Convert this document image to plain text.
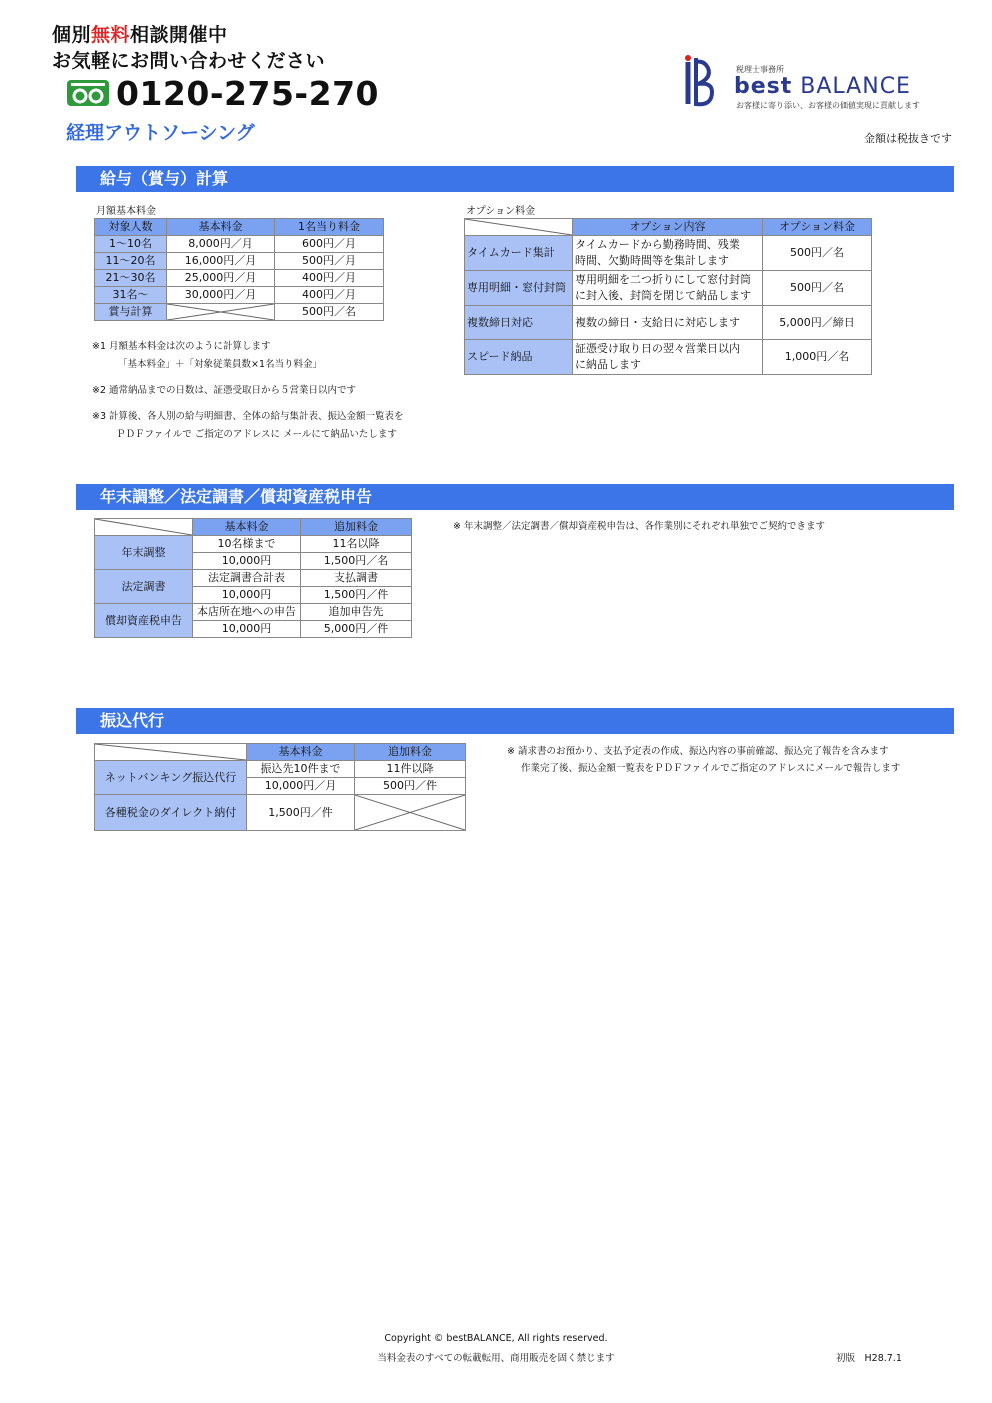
個別無料相談開催中
お気軽にお問い合わせください
0120-275-270
経理アウトソーシング	金額は税抜きです
税理士事務所
best BALANCE
お客様に寄り添い、お客様の価値実現に貢献します
給与（賞与）計算
月額基本料金
対象人数	基本料金	1名当り料金
1～10名	8,000円／月	600円／月
11～20名	16,000円／月	500円／月
21～30名	25,000円／月	400円／月
31名～	30,000円／月	400円／月
賞与計算		500円／名
※1 月額基本料金は次のように計算します
「基本料金」＋「対象従業員数×1名当り料金」
※2 通常納品までの日数は、証憑受取日から５営業日以内です
※3 計算後、各人別の給与明細書、全体の給与集計表、振込金額一覧表を
ＰＤＦファイルで ご指定のアドレスに メールにて納品いたします
オプション料金
	オプション内容	オプション料金
タイムカード集計	タイムカードから勤務時間、残業
時間、欠勤時間等を集計します	500円／名
専用明細・窓付封筒	専用明細を二つ折りにして窓付封筒
に封入後、封筒を閉じて納品します	500円／名
複数締日対応	複数の締日・支給日に対応します	5,000円／締日
スピード納品	証憑受け取り日の翌々営業日以内
に納品します	1,000円／名
年末調整／法定調書／償却資産税申告
	基本料金	追加料金
年末調整	10名様まで	11名以降
	10,000円	1,500円／名
法定調書	法定調書合計表	支払調書
	10,000円	1,500円／件
償却資産税申告	本店所在地への申告	追加申告先
	10,000円	5,000円／件
※ 年末調整／法定調書／償却資産税申告は、各作業別にそれぞれ単独でご契約できます
振込代行
	基本料金	追加料金
ネットバンキング振込代行	振込先10件まで	11件以降
	10,000円／月	500円／件
各種税金のダイレクト納付	1,500円／件	

※ 請求書のお預かり、支払予定表の作成、振込内容の事前確認、振込完了報告を含みます
作業完了後、振込金額一覧表をＰＤＦファイルでご指定のアドレスにメールで報告します
Copyright © bestBALANCE, All rights reserved.
当料金表のすべての転載転用、商用販売を固く禁じます	初版　H28.7.1
